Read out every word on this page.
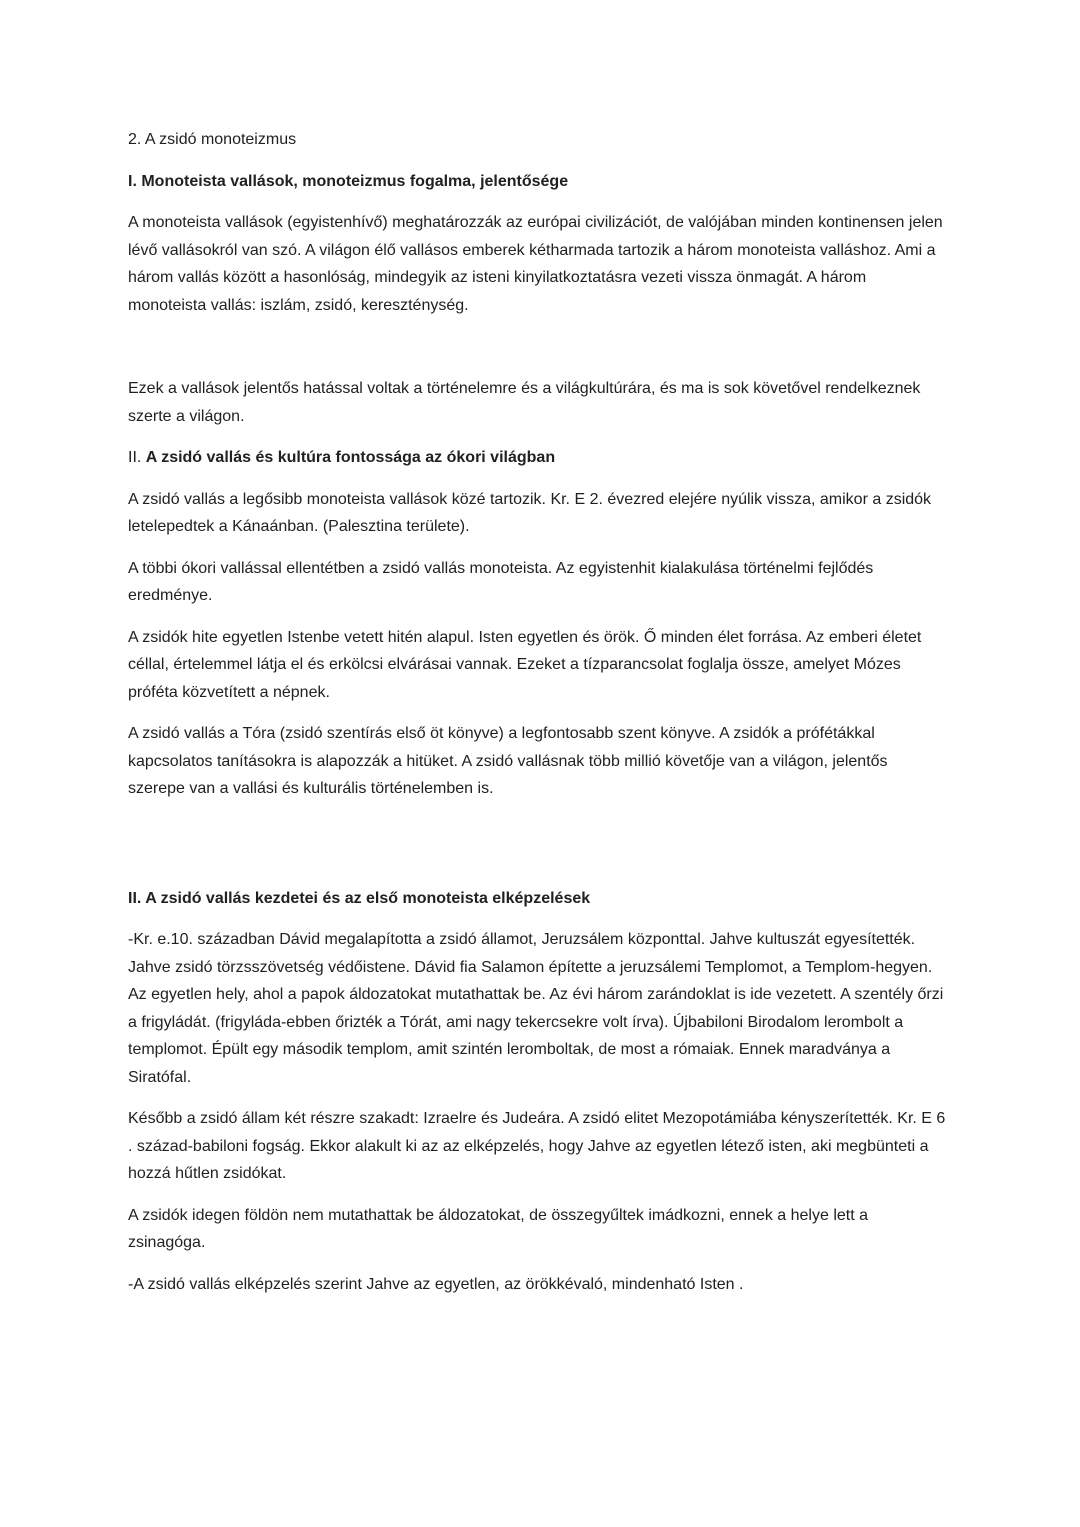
2. A zsidó monoteizmus

I. Monoteista vallások, monoteizmus fogalma, jelentősége

A monoteista vallások (egyistenhívő) meghatározzák az európai civilizációt, de valójában minden kontinensen jelen lévő vallásokról van szó. A világon élő vallásos emberek kétharmada tartozik a három monoteista valláshoz. Ami a három vallás között a hasonlóság, mindegyik az isteni kinyilatkoztatásra vezeti vissza önmagát. A három monoteista vallás: iszlám, zsidó, kereszténység.

Ezek a vallások jelentős hatással voltak a történelemre és a világkultúrára, és ma is sok követővel rendelkeznek szerte a világon.

II. A zsidó vallás és kultúra fontossága az ókori világban

A zsidó vallás a legősibb monoteista vallások közé tartozik. Kr. E 2. évezred elejére nyúlik vissza, amikor a zsidók letelepedtek a Kánaánban. (Palesztina területe).

A többi ókori vallással ellentétben a zsidó vallás monoteista. Az egyistenhit kialakulása történelmi fejlődés eredménye.

A zsidók hite egyetlen Istenbe vetett hitén alapul. Isten egyetlen és örök. Ő minden élet forrása. Az emberi életet céllal, értelemmel látja el és erkölcsi elvárásai vannak. Ezeket a tízparancsolat foglalja össze, amelyet Mózes próféta közvetített a népnek.

A zsidó vallás a Tóra (zsidó szentírás első öt könyve) a legfontosabb szent könyve. A zsidók a prófétákkal kapcsolatos tanításokra is alapozzák a hitüket. A zsidó vallásnak több millió követője van a világon, jelentős szerepe van a vallási és kulturális történelemben is.

II. A zsidó vallás kezdetei és az első monoteista elképzelések

-Kr. e.10. században Dávid megalapította a zsidó államot, Jeruzsálem központtal. Jahve kultuszát egyesítették. Jahve zsidó törzsszövetség védőistene. Dávid fia Salamon építette a jeruzsálemi Templomot, a Templom-hegyen. Az egyetlen hely, ahol a papok áldozatokat mutathattak be. Az évi három zarándoklat is ide vezetett. A szentély őrzi a frigyládát. (frigyláda-ebben őrizték a Tórát, ami nagy tekercsekre volt írva). Újbabiloni Birodalom lerombolt a templomot. Épült egy második templom, amit szintén leromboltak, de most a rómaiak. Ennek maradványa a Siratófal.

Később a zsidó állam két részre szakadt: Izraelre és Judeára. A zsidó elitet Mezopotámiába kényszerítették. Kr. E 6 . század-babiloni fogság. Ekkor alakult ki az az elképzelés, hogy Jahve az egyetlen létező isten, aki megbünteti a hozzá hűtlen zsidókat.

A zsidók idegen földön nem mutathattak be áldozatokat, de összegyűltek imádkozni, ennek a helye lett a zsinagóga.

-A zsidó vallás elképzelés szerint Jahve az egyetlen, az örökkévaló, mindenható Isten .
